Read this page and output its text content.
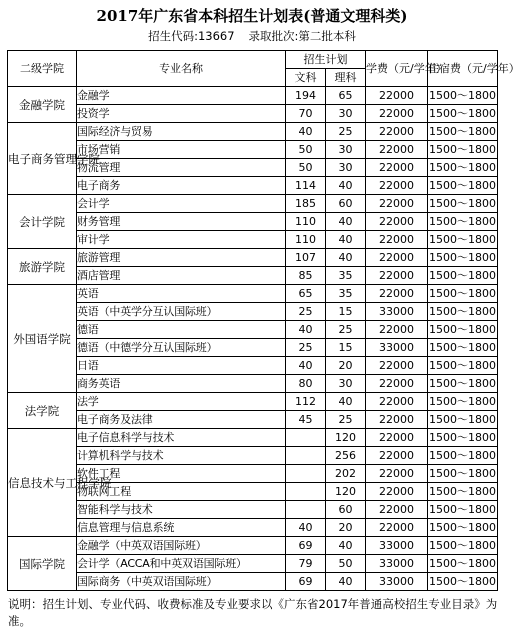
2017年广东省本科招生计划表(普通文理科类)
招生代码:13667 录取批次:第二批本科
二级学院	专业名称	招生计划		学费（元/学年）	住宿费（元/学年）
		文科	理科		
金融学院	金融学	194	65	22000	1500～1800
	投资学	70	30	22000	1500～1800
电子商务管理学院	国际经济与贸易	40	25	22000	1500～1800
	市场营销	50	30	22000	1500～1800
	物流管理	50	30	22000	1500～1800
	电子商务	114	40	22000	1500～1800
会计学院	会计学	185	60	22000	1500～1800
	财务管理	110	40	22000	1500～1800
	审计学	110	40	22000	1500～1800
旅游学院	旅游管理	107	40	22000	1500～1800
	酒店管理	85	35	22000	1500～1800
外国语学院	英语	65	35	22000	1500～1800
	英语（中英学分互认国际班）	25	15	33000	1500～1800
	德语	40	25	22000	1500～1800
	德语（中德学分互认国际班）	25	15	33000	1500～1800
	日语	40	20	22000	1500～1800
	商务英语	80	30	22000	1500～1800
法学院	法学	112	40	22000	1500～1800
	电子商务及法律	45	25	22000	1500～1800
信息技术与工程学院	电子信息科学与技术		120	22000	1500～1800
	计算机科学与技术		256	22000	1500～1800
	软件工程		202	22000	1500～1800
	物联网工程		120	22000	1500～1800
	智能科学与技术		60	22000	1500～1800
	信息管理与信息系统	40	20	22000	1500～1800
国际学院	金融学（中英双语国际班）	69	40	33000	1500～1800
	会计学（ACCA和中英双语国际班）	79	50	33000	1500～1800
	国际商务（中英双语国际班）	69	40	33000	1500～1800
说明：招生计划、专业代码、收费标准及专业要求以《广东省2017年普通高校招生专业目录》为准。
